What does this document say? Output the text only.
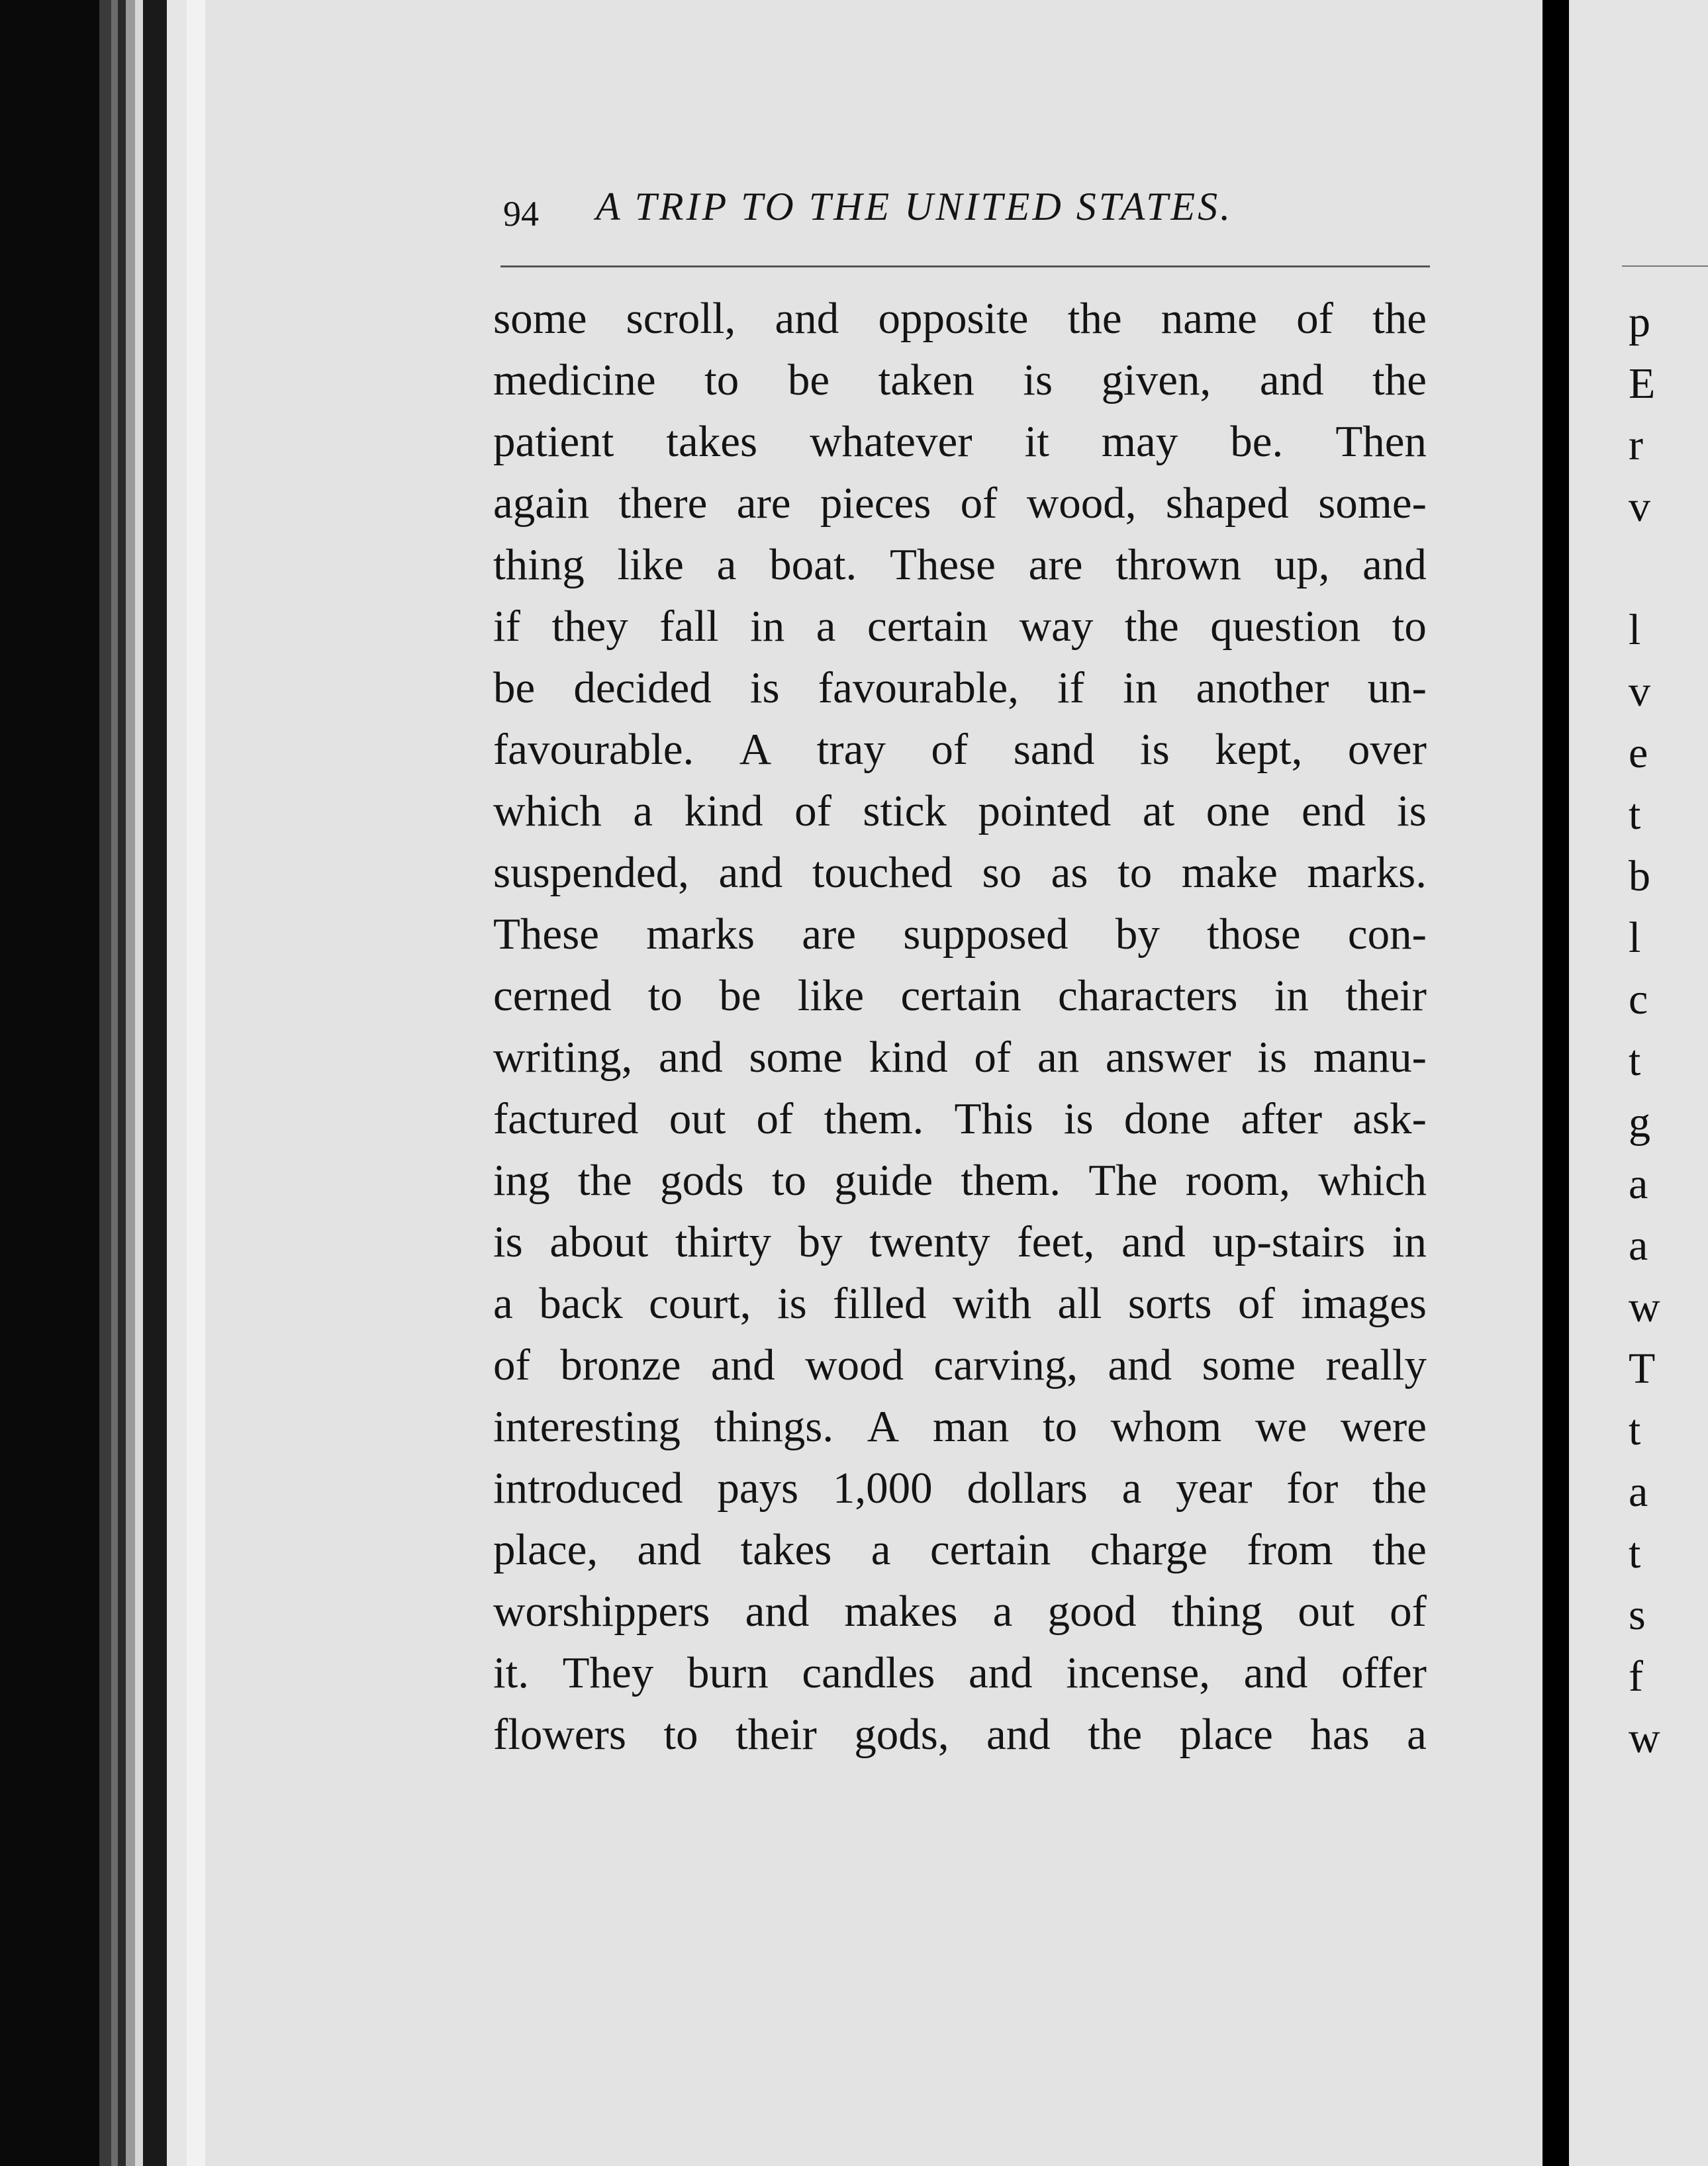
94 A TRIP TO THE UNITED STATES.
some scroll, and opposite the name of the
medicine to be taken is given, and the
patient takes whatever it may be. Then
again there are pieces of wood, shaped some-
thing like a boat. These are thrown up, and
if they fall in a certain way the question to
be decided is favourable, if in another un-
favourable. A tray of sand is kept, over
which a kind of stick pointed at one end is
suspended, and touched so as to make marks.
These marks are supposed by those con-
cerned to be like certain characters in their
writing, and some kind of an answer is manu-
factured out of them. This is done after ask-
ing the gods to guide them. The room, which
is about thirty by twenty feet, and up-stairs in
a back court, is filled with all sorts of images
of bronze and wood carving, and some really
interesting things. A man to whom we were
introduced pays 1,000 dollars a year for the
place, and takes a certain charge from the
worshippers and makes a good thing out of
it. They burn candles and incense, and offer
flowers to their gods, and the place has a
p
E
r
v
l
v
e
t
b
l
c
t
g
a
a
w
T
t
a
t
s
f
w
